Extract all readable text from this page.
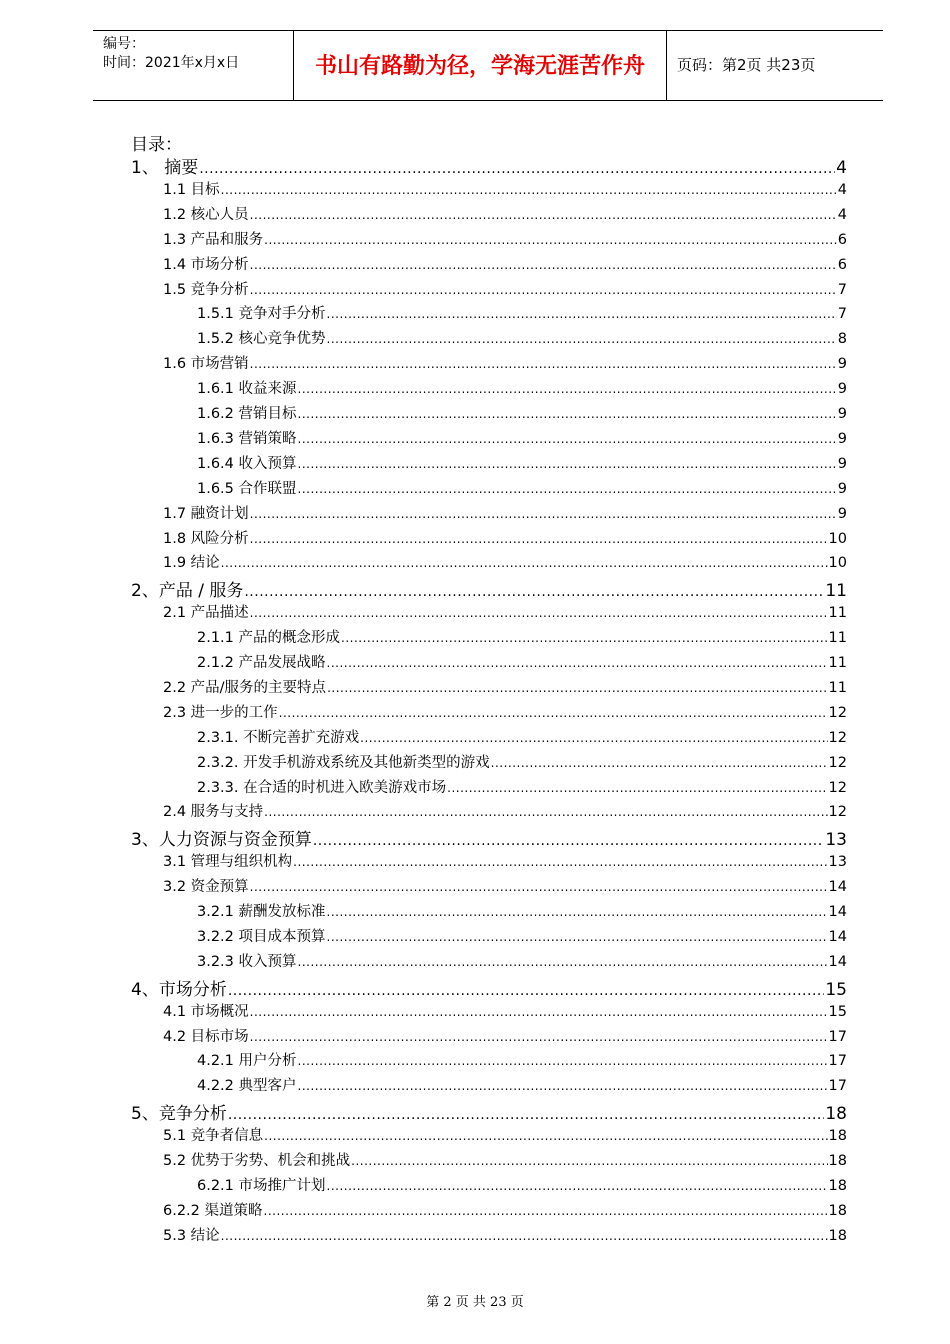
编号：
时间：2021年x月x日	书山有路勤为径，学海无涯苦作舟	页码：第2页 共23页
目录：
1、 摘要 .....	4
1.1 目标 .....	4
1.2 核心人员 .....	4
1.3 产品和服务 .....	6
1.4 市场分析 .....	6
1.5 竞争分析 .....	7
1.5.1 竞争对手分析 .....	7
1.5.2 核心竞争优势 .....	8
1.6 市场营销 .....	9
1.6.1 收益来源 .....	9
1.6.2 营销目标 .....	9
1.6.3 营销策略 .....	9
1.6.4 收入预算 .....	9
1.6.5 合作联盟 .....	9
1.7 融资计划 .....	9
1.8 风险分析 .....	10
1.9 结论 .....	10
2、产品 / 服务 .....	11
2.1 产品描述 .....	11
2.1.1 产品的概念形成 .....	11
2.1.2 产品发展战略 .....	11
2.2 产品/服务的主要特点 .....	11
2.3 进一步的工作 .....	12
2.3.1. 不断完善扩充游戏 .....	12
2.3.2. 开发手机游戏系统及其他新类型的游戏 .....	12
2.3.3. 在合适的时机进入欧美游戏市场 .....	12
2.4 服务与支持 .....	12
3、人力资源与资金预算 .....	13
3.1 管理与组织机构 .....	13
3.2 资金预算 .....	14
3.2.1 薪酬发放标准 .....	14
3.2.2 项目成本预算 .....	14
3.2.3 收入预算 .....	14
4、市场分析 .....	15
4.1 市场概况 .....	15
4.2 目标市场 .....	17
4.2.1 用户分析 .....	17
4.2.2 典型客户 .....	17
5、竞争分析 .....	18
5.1 竞争者信息 .....	18
5.2 优势于劣势、机会和挑战 .....	18
6.2.1 市场推广计划 .....	18
6.2.2 渠道策略 .....	18
5.3 结论 .....	18
第 2 页 共 23 页
